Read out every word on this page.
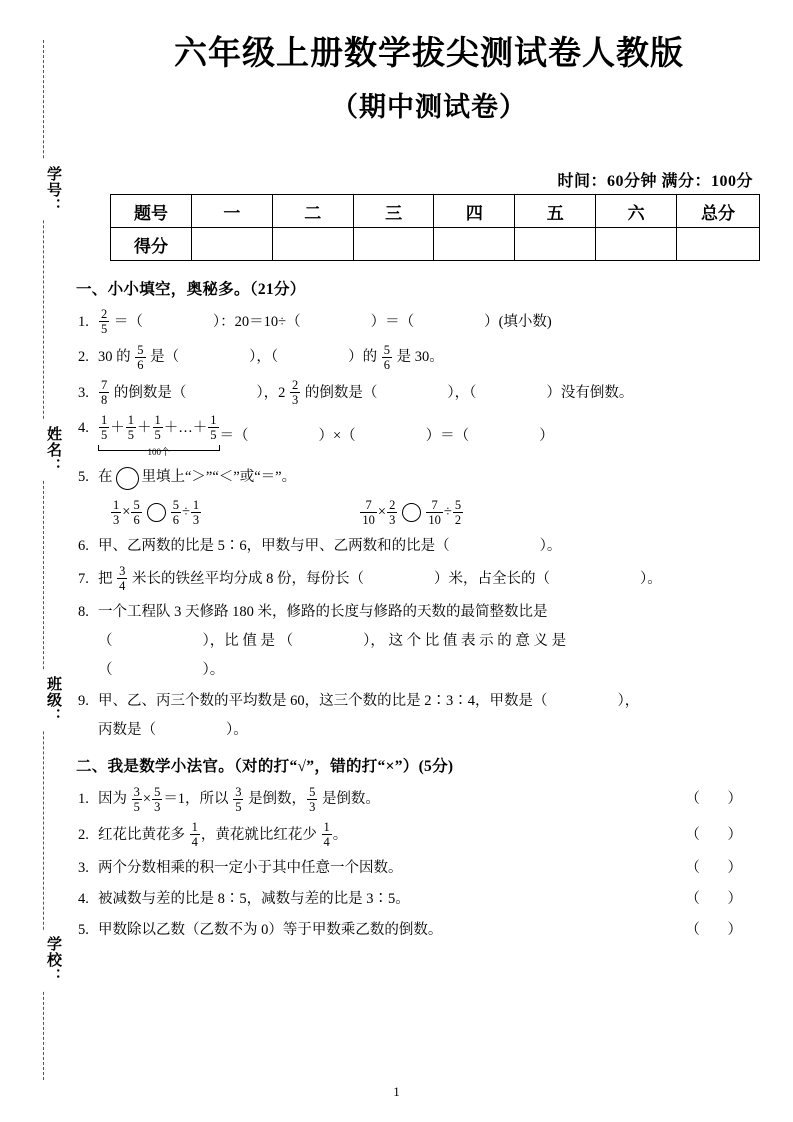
学号：
姓名：
班级：
学校：
六年级上册数学拔尖测试卷人教版
（期中测试卷）
时间：60分钟 满分：100分
题号	一	二	三	四	五	六	总分
得分							
一、小小填空，奥秘多。（21分）
1. $\frac{2}{5}$ ＝（	）：20＝10÷（	）＝（	）(填小数)
2. 30 的 $\frac{5}{6}$ 是（	），（	）的 $\frac{5}{6}$ 是 30。
3. $\frac{7}{8}$ 的倒数是（	），$2 \frac{2}{3}$ 的倒数是（	），（	）没有倒数。
4. $\frac{1}{5} + \frac{1}{5} + \frac{1}{5}$ ＋…＋ $\frac{1}{5}$
100个
＝（	）×（	）＝（	）
5. 在 里填上“＞”“＜”或“＝”。
$\frac{1}{3} \times \frac{5}{6} \frac{5}{6} \div \frac{1}{3}$
	$\frac{7}{10} \times \frac{2}{3} \frac{7}{10} \div \frac{5}{2}$
6. 甲、乙两数的比是 5∶6，甲数与甲、乙两数和的比是（	）。
7. 把 $\frac{3}{4}$ 米长的铁丝平均分成 8 份，每份长（	）米，占全长的（	）。
8. 一个工程队 3 天修路 180 米，修路的长度与修路的天数的最简整数比是
（	），比 值 是 （	）， 这 个 比 值 表 示 的 意 义 是
（	）。
9. 甲、乙、丙三个数的平均数是 60，这三个数的比是 2∶3∶4，甲数是（	），
丙数是（	）。
二、我是数学小法官。（对的打“√”，错的打“×”）(5分)
1. 因为 $\frac{3}{5} \times \frac{5}{3} =1$，所以 $\frac{3}{5}$ 是倒数， $\frac{5}{3}$ 是倒数。	（ ）
2. 红花比黄花多 $\frac{1}{4}$ ，黄花就比红花少 $\frac{1}{4}$ 。	（ ）
3. 两个分数相乘的积一定小于其中任意一个因数。	（ ）
4. 被减数与差的比是 8∶5，减数与差的比是 3∶5。	（ ）
5. 甲数除以乙数（乙数不为 0）等于甲数乘乙数的倒数。	（ ）
1
